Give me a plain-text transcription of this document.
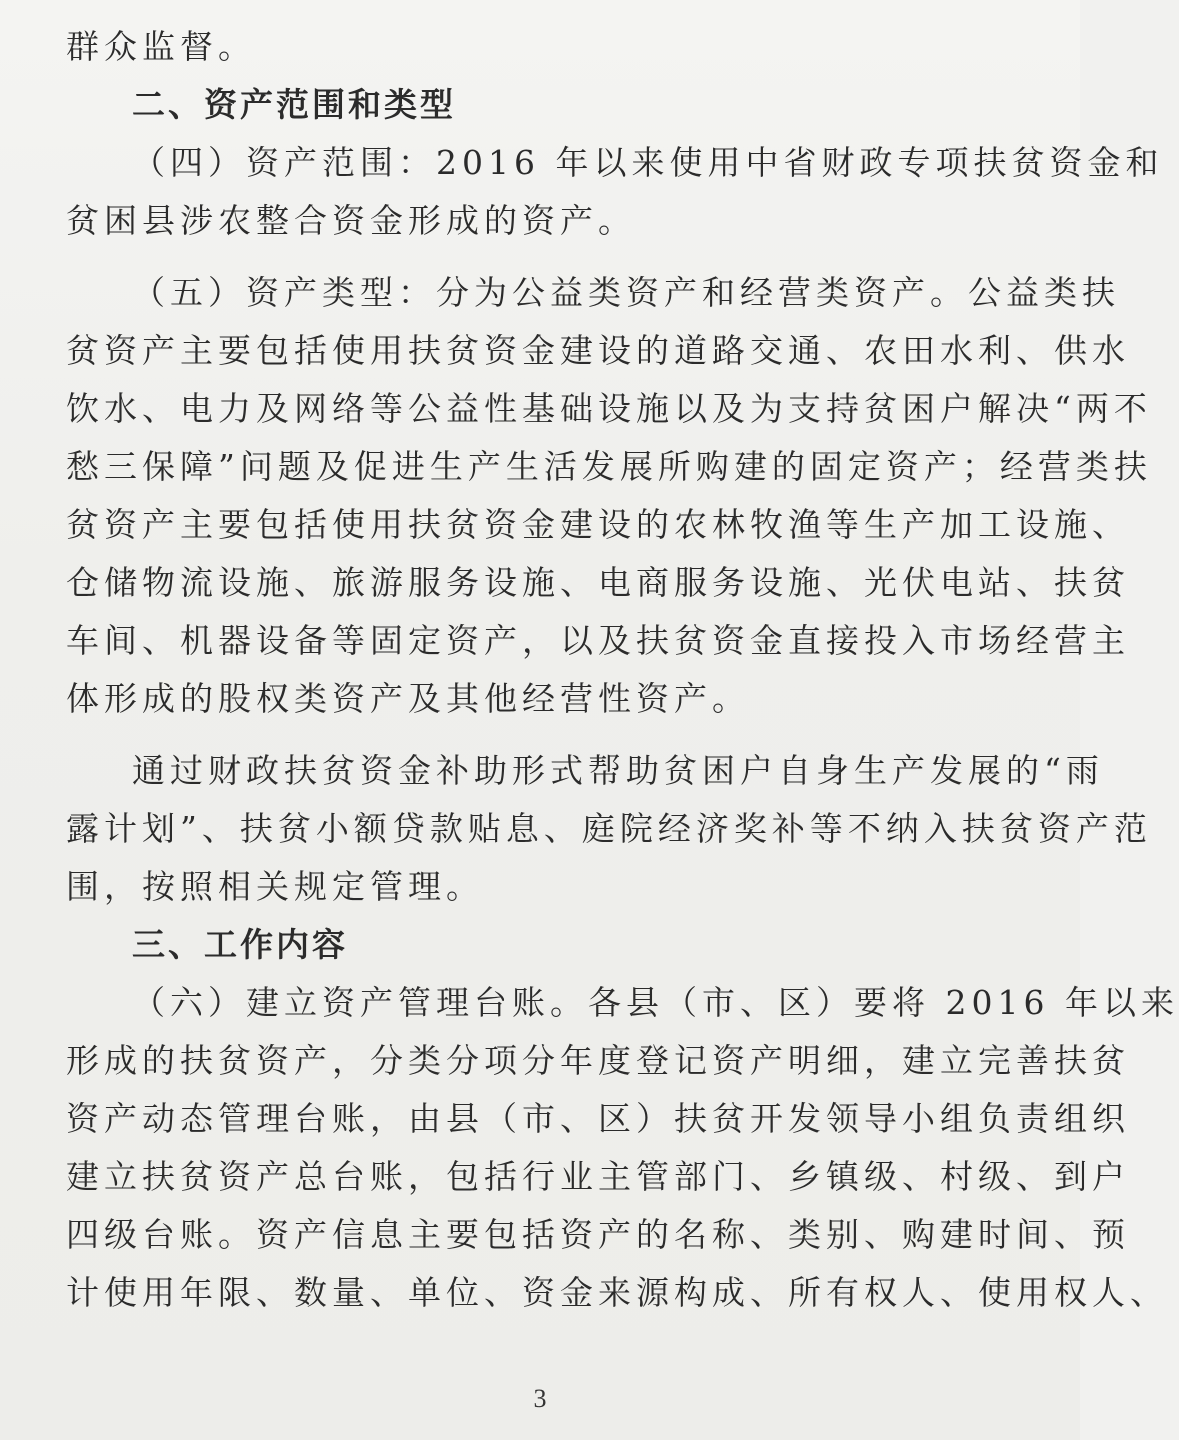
群众监督。
二、资产范围和类型
（四）资产范围：2016 年以来使用中省财政专项扶贫资金和
贫困县涉农整合资金形成的资产。
（五）资产类型：分为公益类资产和经营类资产。公益类扶
贫资产主要包括使用扶贫资金建设的道路交通、农田水利、供水
饮水、电力及网络等公益性基础设施以及为支持贫困户解决“两不
愁三保障”问题及促进生产生活发展所购建的固定资产；经营类扶
贫资产主要包括使用扶贫资金建设的农林牧渔等生产加工设施、
仓储物流设施、旅游服务设施、电商服务设施、光伏电站、扶贫
车间、机器设备等固定资产，以及扶贫资金直接投入市场经营主
体形成的股权类资产及其他经营性资产。
通过财政扶贫资金补助形式帮助贫困户自身生产发展的“雨
露计划”、扶贫小额贷款贴息、庭院经济奖补等不纳入扶贫资产范
围，按照相关规定管理。
三、工作内容
（六）建立资产管理台账。各县（市、区）要将 2016 年以来
形成的扶贫资产，分类分项分年度登记资产明细，建立完善扶贫
资产动态管理台账，由县（市、区）扶贫开发领导小组负责组织
建立扶贫资产总台账，包括行业主管部门、乡镇级、村级、到户
四级台账。资产信息主要包括资产的名称、类别、购建时间、预
计使用年限、数量、单位、资金来源构成、所有权人、使用权人、
3
